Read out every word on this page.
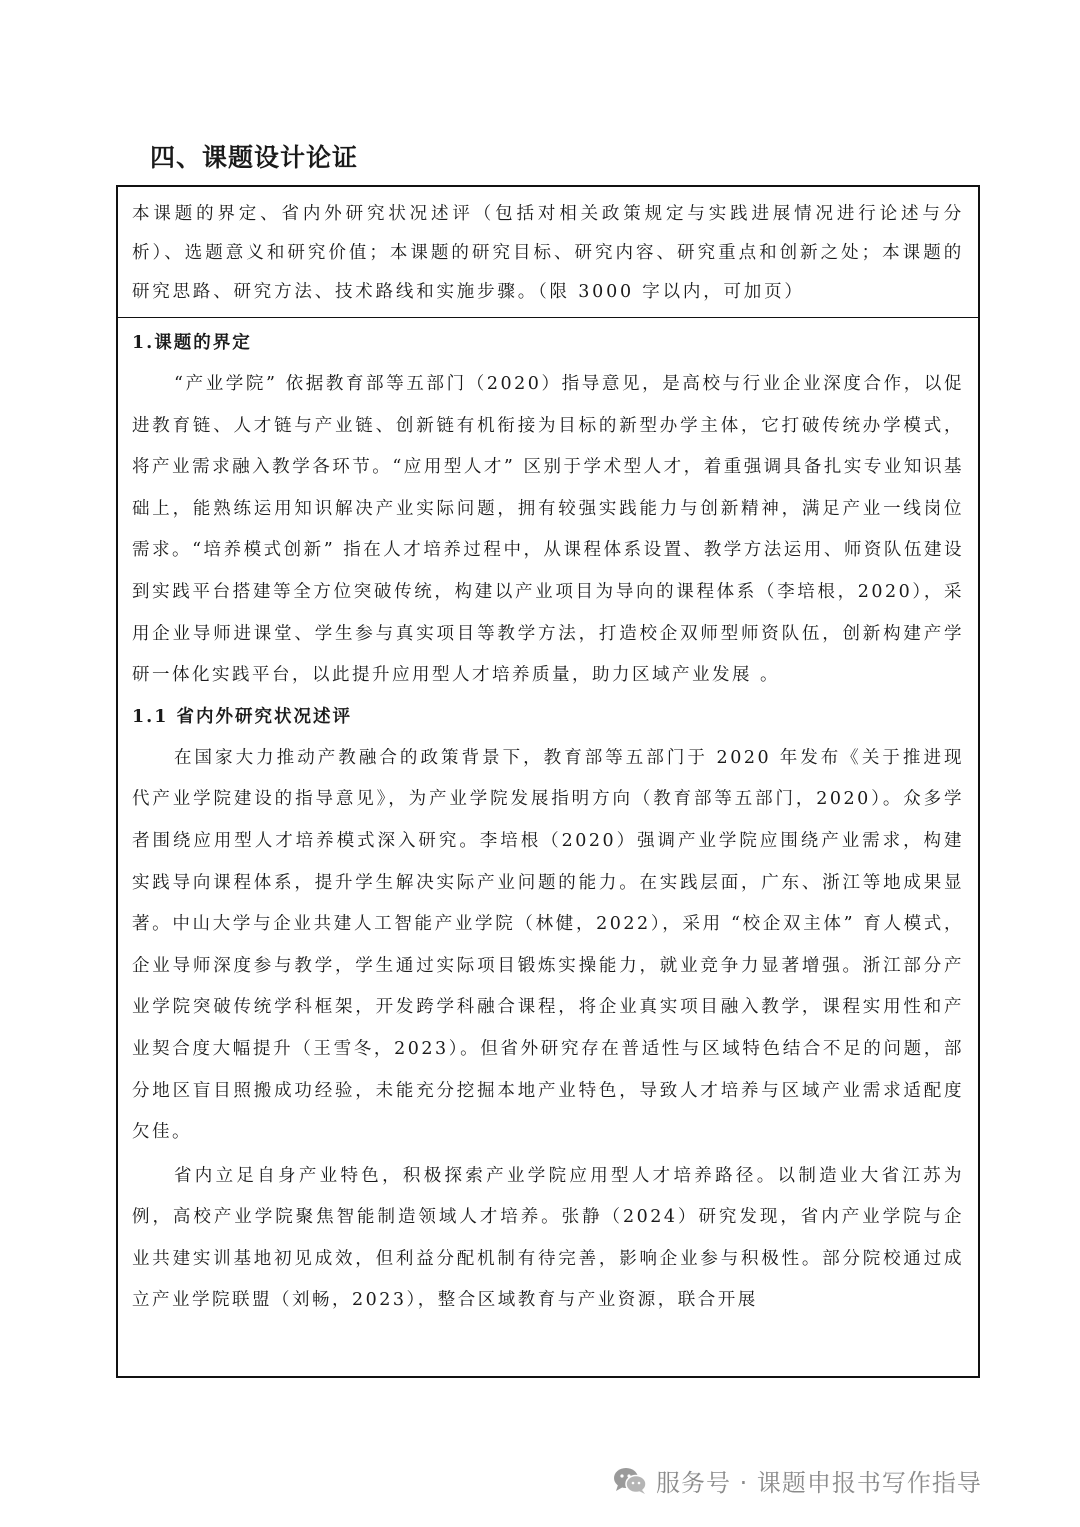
四、课题设计论证
本课题的界定、省内外研究状况述评（包括对相关政策规定与实践进展情况进行论述与分析）、选题意义和研究价值；本课题的研究目标、研究内容、研究重点和创新之处；本课题的研究思路、研究方法、技术路线和实施步骤。（限 3000 字以内，可加页）

1.课题的界定

“产业学院” 依据教育部等五部门（2020）指导意见，是高校与行业企业深度合作，以促进教育链、人才链与产业链、创新链有机衔接为目标的新型办学主体，它打破传统办学模式，将产业需求融入教学各环节。“应用型人才” 区别于学术型人才，着重强调具备扎实专业知识基础上，能熟练运用知识解决产业实际问题，拥有较强实践能力与创新精神，满足产业一线岗位需求。“培养模式创新” 指在人才培养过程中，从课程体系设置、教学方法运用、师资队伍建设到实践平台搭建等全方位突破传统，构建以产业项目为导向的课程体系（李培根，2020），采用企业导师进课堂、学生参与真实项目等教学方法，打造校企双师型师资队伍，创新构建产学研一体化实践平台，以此提升应用型人才培养质量，助力区域产业发展 。

1.1 省内外研究状况述评

在国家大力推动产教融合的政策背景下，教育部等五部门于 2020 年发布《关于推进现代产业学院建设的指导意见》，为产业学院发展指明方向（教育部等五部门，2020）。众多学者围绕应用型人才培养模式深入研究。李培根（2020）强调产业学院应围绕产业需求，构建实践导向课程体系，提升学生解决实际产业问题的能力。在实践层面，广东、浙江等地成果显著。中山大学与企业共建人工智能产业学院（林健，2022），采用 “校企双主体” 育人模式，企业导师深度参与教学，学生通过实际项目锻炼实操能力，就业竞争力显著增强。浙江部分产业学院突破传统学科框架，开发跨学科融合课程，将企业真实项目融入教学，课程实用性和产业契合度大幅提升（王雪冬，2023）。但省外研究存在普适性与区域特色结合不足的问题，部分地区盲目照搬成功经验，未能充分挖掘本地产业特色，导致人才培养与区域产业需求适配度欠佳。

省内立足自身产业特色，积极探索产业学院应用型人才培养路径。以制造业大省江苏为例，高校产业学院聚焦智能制造领域人才培养。张静（2024）研究发现，省内产业学院与企业共建实训基地初见成效，但利益分配机制有待完善，影响企业参与积极性。部分院校通过成立产业学院联盟（刘畅，2023），整合区域教育与产业资源，联合开展

服务号 · 课题申报书写作指导
